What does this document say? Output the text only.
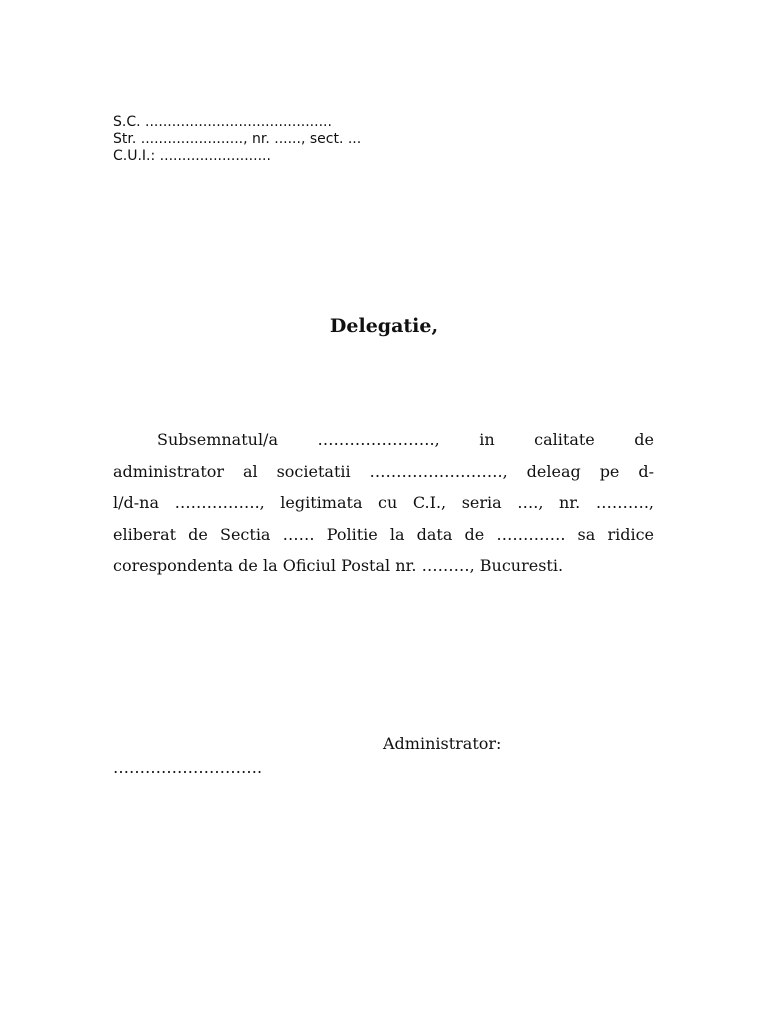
S.C. ..........................................
Str. ......................., nr. ......, sect. ...
C.U.I.: .........................
Delegatie,
Subsemnatul/a …………………., in calitate de
administrator al societatii ……………………., deleag pe d-
l/d-na ……………., legitimata cu C.I., seria …., nr. ……….,
eliberat de Sectia …… Politie la data de …………. sa ridice
corespondenta de la Oficiul Postal nr. ………, Bucuresti.
Administrator:
……………………….
